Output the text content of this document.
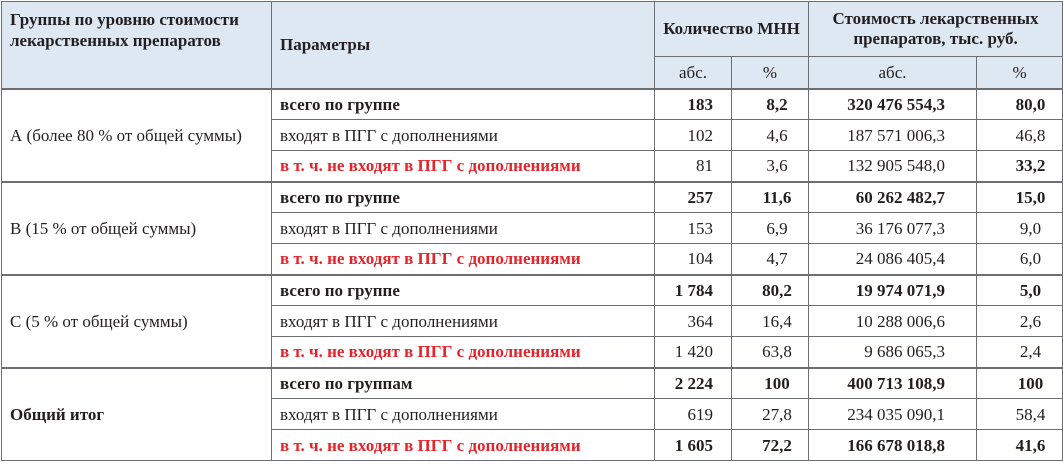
Группы по уровню стоимости лекарственных препаратов	Параметры	Количество МНН		Стоимость лекарственных препаратов, тыс. руб.	
		абс.	%	абс.	%
А (более 80 % от общей суммы)	всего по группе	183	8,2	320 476 554,3	80,0
	входят в ПГГ с дополнениями	102	4,6	187 571 006,3	46,8
	в т. ч. не входят в ПГГ с дополнениями	81	3,6	132 905 548,0	33,2
В (15 % от общей суммы)	всего по группе	257	11,6	60 262 482,7	15,0
	входят в ПГГ с дополнениями	153	6,9	36 176 077,3	9,0
	в т. ч. не входят в ПГГ с дополнениями	104	4,7	24 086 405,4	6,0
С (5 % от общей суммы)	всего по группе	1 784	80,2	19 974 071,9	5,0
	входят в ПГГ с дополнениями	364	16,4	10 288 006,6	2,6
	в т. ч. не входят в ПГГ с дополнениями	1 420	63,8	9 686 065,3	2,4
Общий итог	всего по группам	2 224	100	400 713 108,9	100
	входят в ПГГ с дополнениями	619	27,8	234 035 090,1	58,4
	в т. ч. не входят в ПГГ с дополнениями	1 605	72,2	166 678 018,8	41,6
